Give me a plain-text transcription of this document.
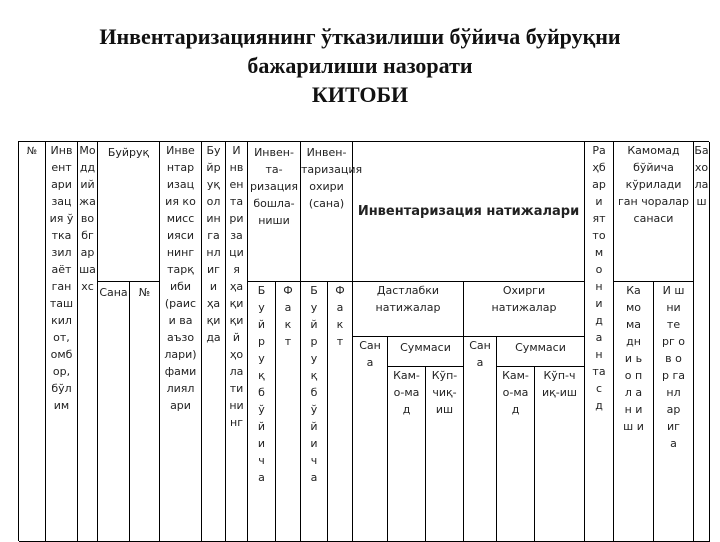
Инвентаризациянинг ўтказилиши бўйича буйруқни
бажарилиши назорати
КИТОБИ
№	Инвентаризация ўтказилаётган ташкилот, омбор, бўлим
Моддий
жавобгар шахс
Буйруқ
Сана	№
Инвентаризация комиссиясининг тарқиби (раиси ва аъзолари) фамилиялари
Буйруқ олинганлиги ҳақида
Инвентаризация ҳақиқий ҳолатининг
Инвен-та-ризация бошла-ниши
Инвен-таризация охири (сана)
Буйруқ бўйича
Факт
Буйруқ бўйича
Факт
Инвентаризация натижалари
Дастлабки натижалар
Охирги натижалар
Сана
Суммаси
Кам-о-мад
Кўп-чиқ-иш
Сана
Суммаси
Кам-о-мад
Кўп-чиқ-иш
Раҳбар и ят то м о н и д а н та с д
Камомад бўйича кўрилади ган чоралар санаси
Ка мо ма дн и ьо пл ан и ш и
И ш ни те рг ов ор га нл ар иг а
Бахолаш
